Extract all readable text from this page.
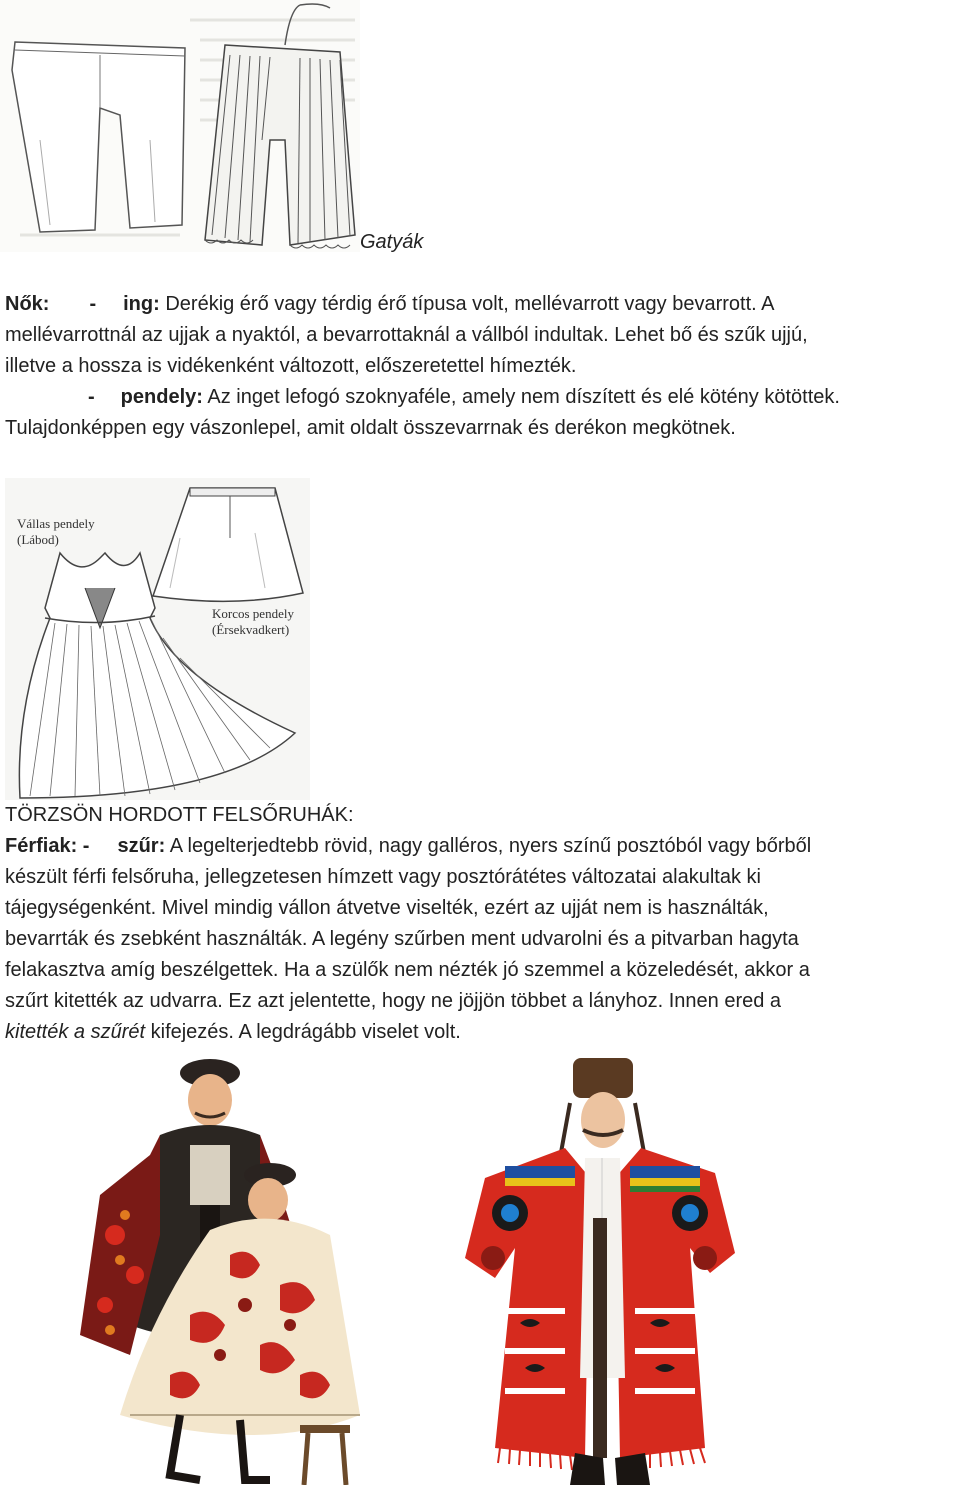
Gatyák
Nők: - ing: Derékig érő vagy térdig érő típusa volt, mellévarrott vagy bevarrott. A
mellévarrottnál az ujjak a nyaktól, a bevarrottaknál a vállból indultak. Lehet bő és szűk ujjú,
illetve a hossza is vidékenként változott, előszeretettel hímezték.
- pendely: Az inget lefogó szoknyaféle, amely nem díszített és elé kötény kötöttek.
Tulajdonképpen egy vászonlepel, amit oldalt összevarrnak és derékon megkötnek.
Vállas pendely
(Lábod)
Korcos pendely
(Érsekvadkert)
TÖRZSÖN HORDOTT FELSŐRUHÁK:
Férfiak: - szűr: A legelterjedtebb rövid, nagy galléros, nyers színű posztóból vagy bőrből
készült férfi felsőruha, jellegzetesen hímzett vagy posztórátétes változatai alakultak ki
tájegységenként. Mivel mindig vállon átvetve viselték, ezért az ujját nem is használták,
bevarrták és zsebként használták. A legény szűrben ment udvarolni és a pitvarban hagyta
felakasztva amíg beszélgettek. Ha a szülők nem nézték jó szemmel a közeledését, akkor a
szűrt kitették az udvarra. Ez azt jelentette, hogy ne jöjjön többet a lányhoz. Innen ered a
kitették a szűrét kifejezés. A legdrágább viselet volt.
